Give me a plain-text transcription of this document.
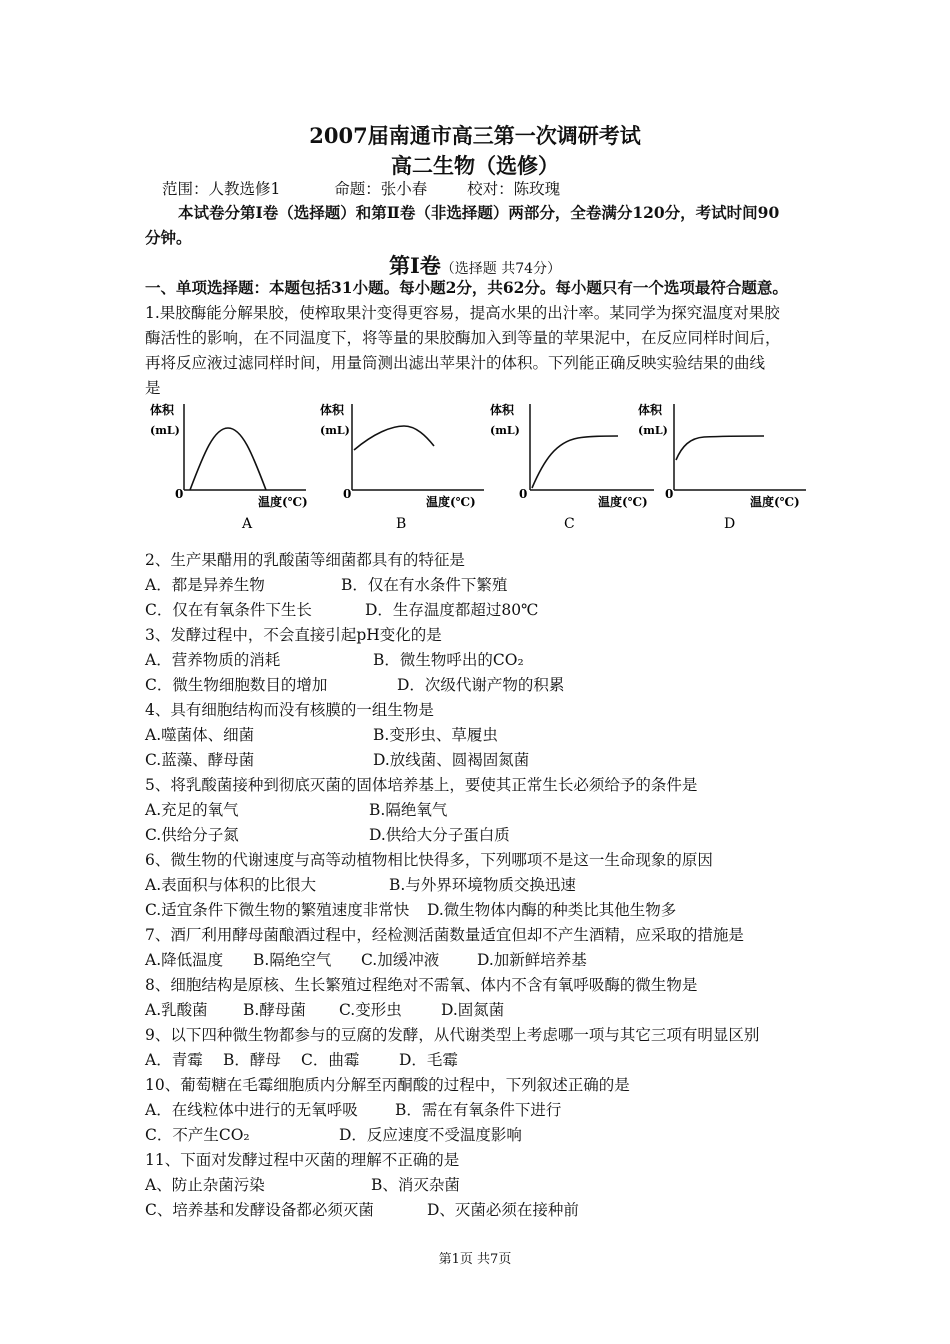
2007届南通市高三第一次调研考试
高二生物（选修）
范围：人教选修1	命题：张小春	校对：陈玫瑰
本试卷分第Ⅰ卷（选择题）和第Ⅱ卷（非选择题）两部分，全卷满分120分，考试时间90
分钟。
第Ⅰ卷（选择题 共74分）
一、单项选择题：本题包括31小题。每小题2分，共62分。每小题只有一个选项最符合题意。
1.果胶酶能分解果胶，使榨取果汁变得更容易，提高水果的出汁率。某同学为探究温度对果胶
酶活性的影响，在不同温度下，将等量的果胶酶加入到等量的苹果泥中，在反应同样时间后，
再将反应液过滤同样时间，用量筒测出滤出苹果汁的体积。下列能正确反映实验结果的曲线
是
体积
(mL)
0
温度(℃)
A
体积
(mL)
0
温度(℃)
B
体积
(mL)
0
温度(℃)
C
体积
(mL)
0
温度(℃)
D
2、生产果醋用的乳酸菌等细菌都具有的特征是
A．都是异养生物	B．仅在有水条件下繁殖
C．仅在有氧条件下生长	D．生存温度都超过80℃
3、发酵过程中，不会直接引起pH变化的是
A．营养物质的消耗	B．微生物呼出的CO₂
C．微生物细胞数目的增加	D．次级代谢产物的积累
4、具有细胞结构而没有核膜的一组生物是
A.噬菌体、细菌	B.变形虫、草履虫
C.蓝藻、酵母菌	D.放线菌、圆褐固氮菌
5、将乳酸菌接种到彻底灭菌的固体培养基上，要使其正常生长必须给予的条件是
A.充足的氧气	B.隔绝氧气
C.供给分子氮	D.供给大分子蛋白质
6、微生物的代谢速度与高等动植物相比快得多，下列哪项不是这一生命现象的原因
A.表面积与体积的比很大	B.与外界环境物质交换迅速
C.适宜条件下微生物的繁殖速度非常快 D.微生物体内酶的种类比其他生物多
7、酒厂利用酵母菌酿酒过程中，经检测活菌数量适宜但却不产生酒精，应采取的措施是
A.降低温度 B.隔绝空气 C.加缓冲液 D.加新鲜培养基
8、细胞结构是原核、生长繁殖过程绝对不需氧、体内不含有氧呼吸酶的微生物是
A.乳酸菌 B.酵母菌 C.变形虫	D.固氮菌
9、以下四种微生物都参与的豆腐的发酵，从代谢类型上考虑哪一项与其它三项有明显区别
A．青霉 B．酵母 C．曲霉	D．毛霉
10、葡萄糖在毛霉细胞质内分解至丙酮酸的过程中，下列叙述正确的是
A．在线粒体中进行的无氧呼吸 B．需在有氧条件下进行
C．不产生CO₂	D．反应速度不受温度影响
11、下面对发酵过程中灭菌的理解不正确的是
A、防止杂菌污染	B、消灭杂菌
C、培养基和发酵设备都必须灭菌	D、灭菌必须在接种前
第1页 共7页
